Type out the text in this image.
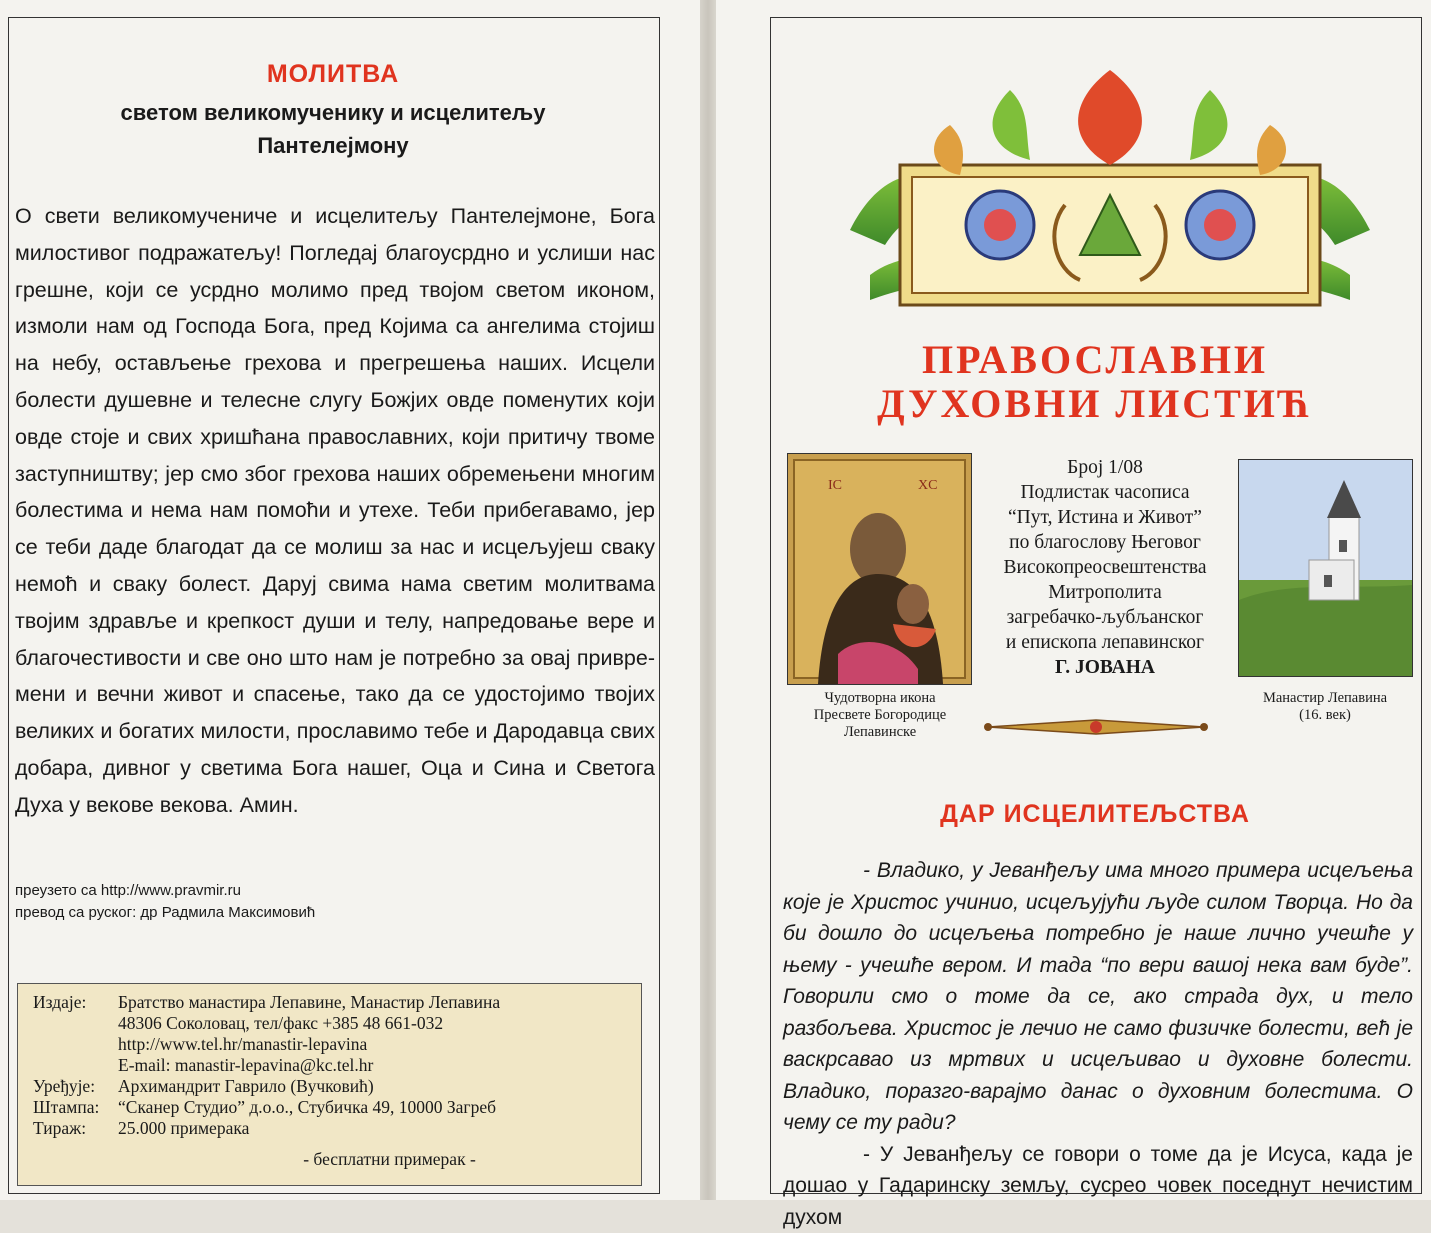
МОЛИТВА
светом великомученику и исцелитељу
Пантелејмону

О свети великомучениче и исцелитељу Пантелејмоне, Бога милостивог подражатељу! Погледај благоусрдно и услиши нас грешне, који се усрдно молимо пред твојом светом иконом, измоли нам од Господа Бога, пред Којима са ангелима стојиш на небу, остављење грехова и прегрешења наших. Исцели болести душевне и телесне слугу Божјих овде поменутих који овде стоје и свих хришћана православних, који притичу твоме заступништву; јер смо због грехова наших обремењени многим болестима и нема нам помоћи и утехе. Теби прибегавамо, јер се теби даде благодат да се молиш за нас и исцељујеш сваку немоћ и сваку болест. Даруј свима нама светим молитвама твојим здравље и крепкост души и телу, напредовање вере и благочестивости и све оно што нам је потребно за овај привре-мени и вечни живот и спасење, тако да се удостојимо твојих великих и богатих милости, прославимо тебе и Дародавца свих добара, дивног у светима Бога нашег, Оца и Сина и Светога Духа у векове векова. Амин.

преузето са http://www.pravmir.ru
превод са руског: др Радмила Максимовић
Издаје:	Братство манастира Лепавине, Манастир Лепавина
48306 Соколовац, тел/факс +385 48 661-032
http://www.tel.hr/manastir-lepavina
E-mail: manastir-lepavina@kc.tel.hr
Уређује:	Архимандрит Гаврило (Вучковић)
Штампа:	“Сканер Студио” д.о.о., Стубичка 49, 10000 Загреб
Тираж:	25.000 примерака
- бесплатни примерак -
ПРАВОСЛАВНИ
ДУХОВНИ ЛИСТИЋ
IC	XC
Чудотворна икона
Пресвете Богородице
Лепавинске
Манастир Лепавина
(16. век)
Број 1/08
Подлистак часописа
“Пут, Истина и Живот”
по благослову Његовог
Високопреосвештенства
Митрополита
загребачко-љубљанског
и епископа лепавинског
Г. ЈОВАНА
ДАР ИСЦЕЛИТЕЉСТВА

- Владико, у Јеванђељу има много примера исцељења које је Христос учинио, исцељујући људе силом Творца. Но да би дошло до исцељења потребно је наше лично учешће у њему - учешће вером. И тада “по вери вашој нека вам буде”. Говорили смо о томе да се, ако страда дух, и тело разбољева. Христос је лечио не само физичке болести, већ је васкрсавао из мртвих и исцељивао и духовне болести. Владико, поразго-варајмо данас о духовним болестима. О чему се ту ради?

- У Јеванђељу се говори о томе да је Исуса, када је дошао у Гадаринску земљу, сусрео човек поседнут нечистим духом
